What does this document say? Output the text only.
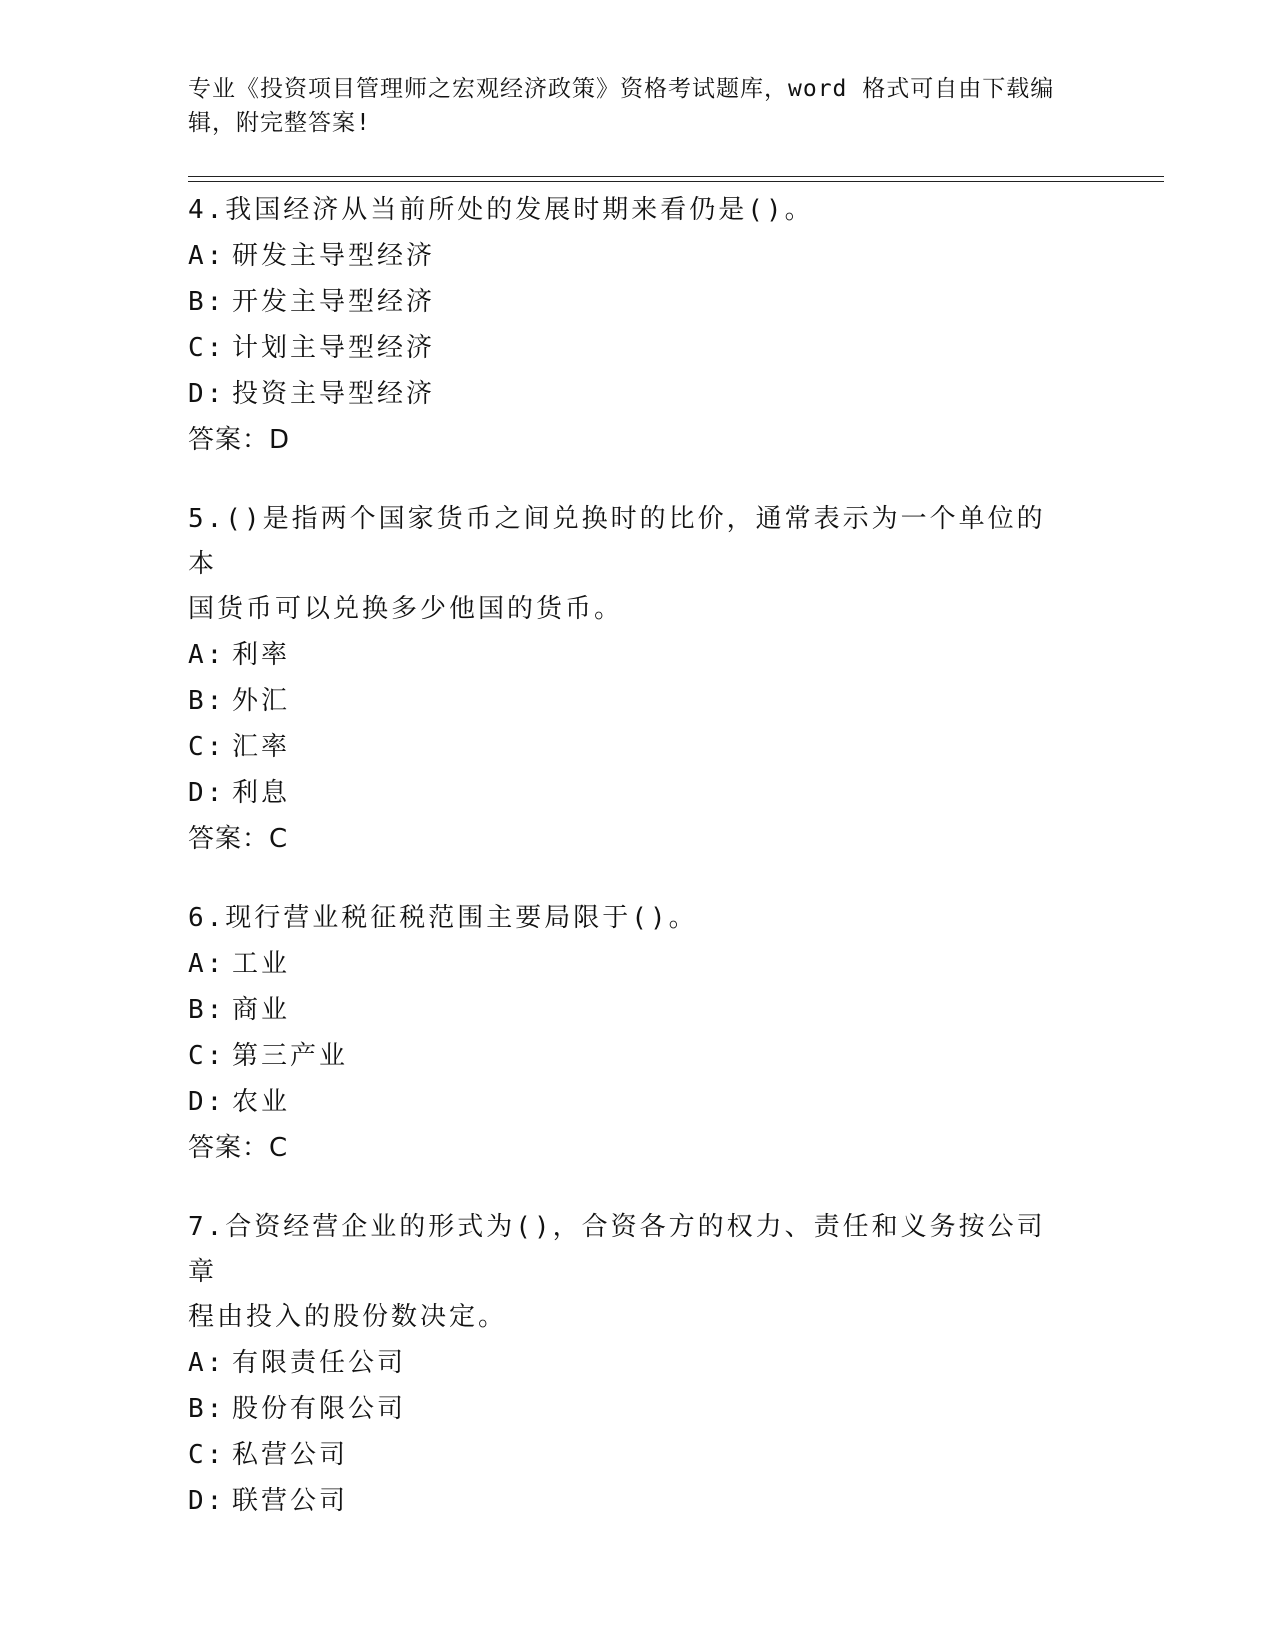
专业《投资项目管理师之宏观经济政策》资格考试题库，word 格式可自由下载编
辑，附完整答案!

4.我国经济从当前所处的发展时期来看仍是()。

A: 研发主导型经济

B: 开发主导型经济

C: 计划主导型经济

D: 投资主导型经济

答案：D

5.()是指两个国家货币之间兑换时的比价，通常表示为一个单位的本

国货币可以兑换多少他国的货币。

A: 利率

B: 外汇

C: 汇率

D: 利息

答案：C

6.现行营业税征税范围主要局限于()。

A: 工业

B: 商业

C: 第三产业

D: 农业

答案：C

7.合资经营企业的形式为()，合资各方的权力、责任和义务按公司章

程由投入的股份数决定。

A: 有限责任公司

B: 股份有限公司

C: 私营公司

D: 联营公司
